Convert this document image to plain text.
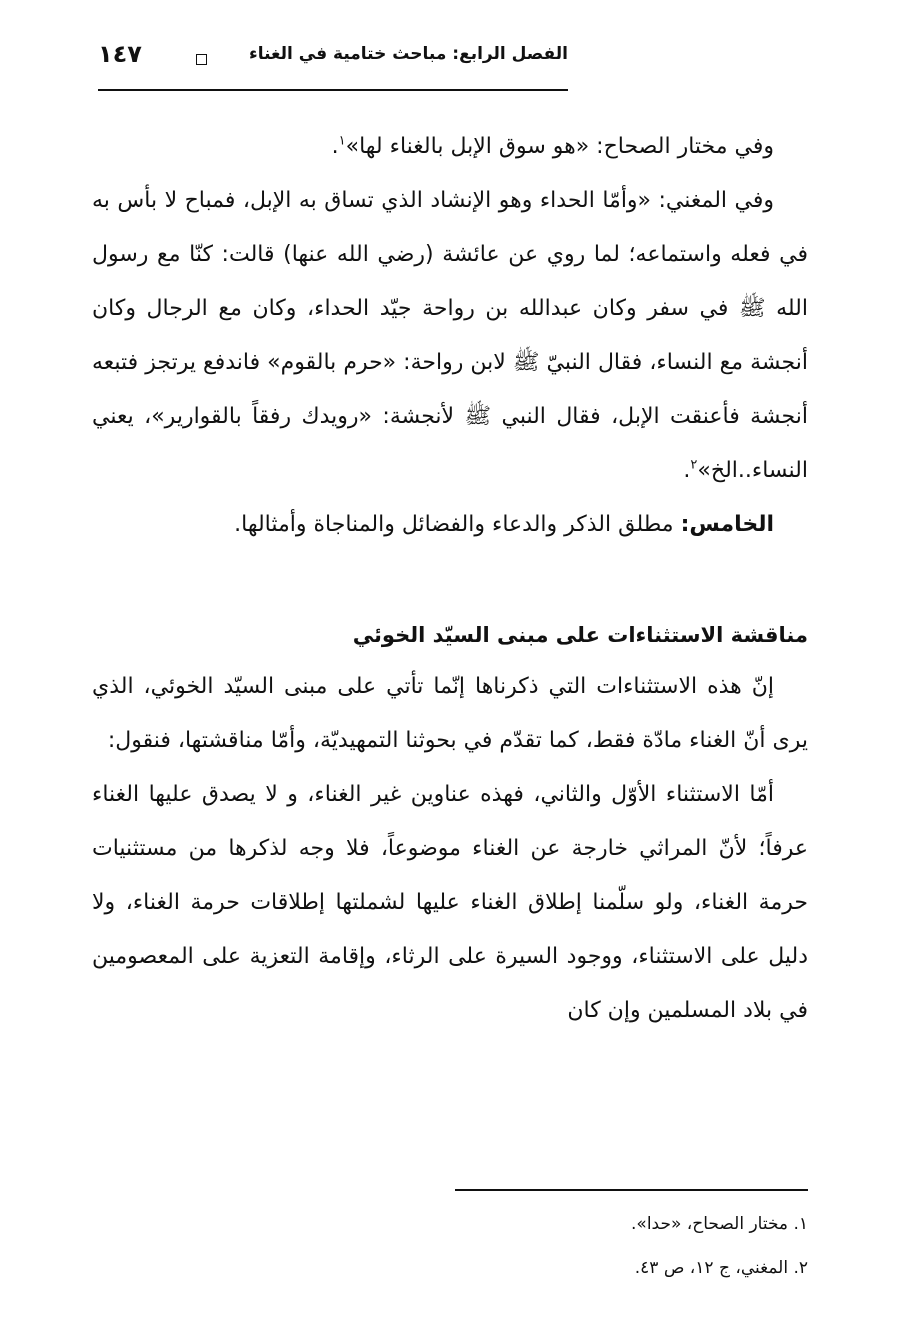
الفصل الرابع: مباحث ختامية في الغناء
١٤٧

وفي مختار الصحاح: «هو سوق الإبل بالغناء لها»$^١$.

وفي المغني: «وأمّا الحداء وهو الإنشاد الذي تساق به الإبل، فمباح لا بأس به في فعله واستماعه؛ لما روي عن عائشة (رضي الله عنها) قالت: كنّا مع رسول الله ﷺ في سفر وكان عبدالله بن رواحة جيّد الحداء، وكان مع الرجال وكان أنجشة مع النساء، فقال النبيّ ﷺ لابن رواحة: «حرم بالقوم» فاندفع يرتجز فتبعه أنجشة فأعنقت الإبل، فقال النبي ﷺ لأنجشة: «رويدك رفقاً بالقوارير»، يعني النساء..الخ»$^٢$.

الخامس: مطلق الذكر والدعاء والفضائل والمناجاة وأمثالها.

مناقشة الاستثناءات على مبنى السيّد الخوئي

إنّ هذه الاستثناءات التي ذكرناها إنّما تأتي على مبنى السيّد الخوئي، الذي يرى أنّ الغناء مادّة فقط، كما تقدّم في بحوثنا التمهيديّة، وأمّا مناقشتها، فنقول:

أمّا الاستثناء الأوّل والثاني، فهذه عناوين غير الغناء، و لا يصدق عليها الغناء عرفاً؛ لأنّ المراثي خارجة عن الغناء موضوعاً، فلا وجه لذكرها من مستثنيات حرمة الغناء، ولو سلّمنا إطلاق الغناء عليها لشملتها إطلاقات حرمة الغناء، ولا دليل على الاستثناء، ووجود السيرة على الرثاء، وإقامة التعزية على المعصومين في بلاد المسلمين وإن كان

١. مختار الصحاح، «حدا».

٢. المغني، ج ١٢، ص ٤٣.
